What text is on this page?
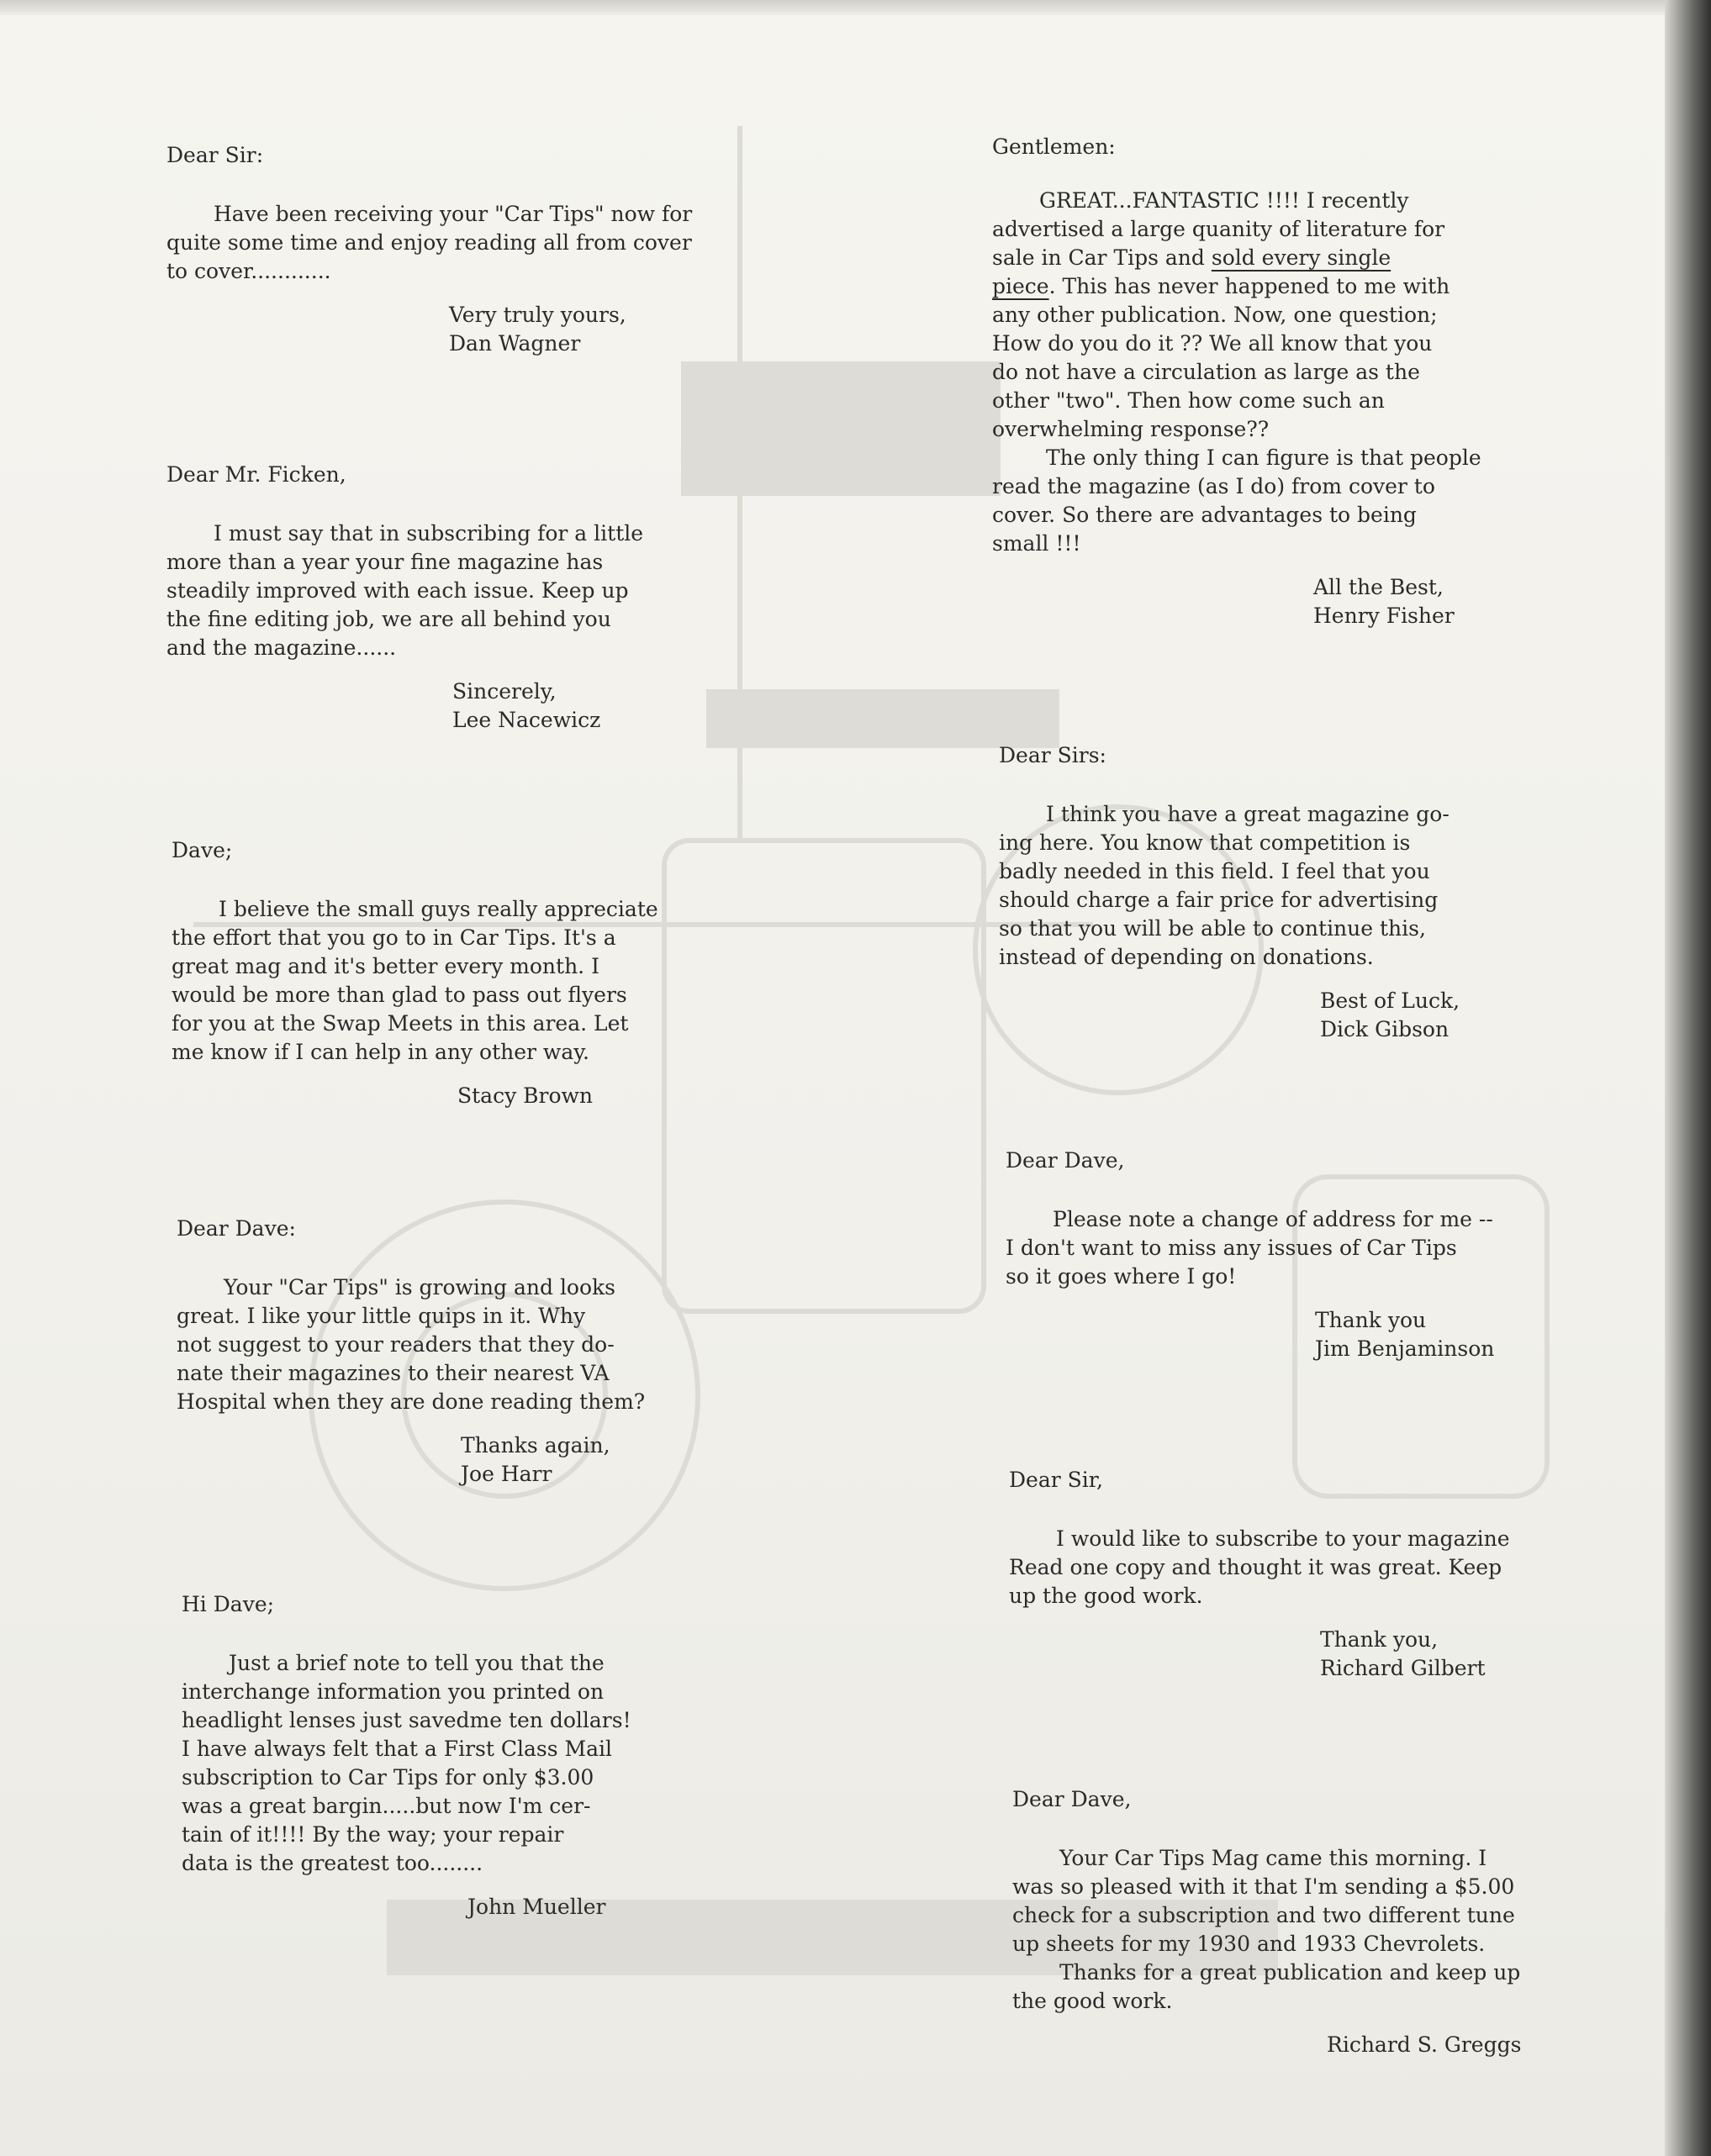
Dear Sir:

Have been receiving your "Car Tips" now for

quite some time and enjoy reading all from cover

to cover............

Very truly yours,

Dan Wagner

Dear Mr. Ficken,

I must say that in subscribing for a little

more than a year your fine magazine has

steadily improved with each issue. Keep up

the fine editing job, we are all behind you

and the magazine......

Sincerely,

Lee Nacewicz

Dave;

I believe the small guys really appreciate

the effort that you go to in Car Tips. It's a

great mag and it's better every month. I

would be more than glad to pass out flyers

for you at the Swap Meets in this area. Let

me know if I can help in any other way.

Stacy Brown

Dear Dave:

Your "Car Tips" is growing and looks

great. I like your little quips in it. Why

not suggest to your readers that they do-

nate their magazines to their nearest VA

Hospital when they are done reading them?

Thanks again,

Joe Harr

Hi Dave;

Just a brief note to tell you that the

interchange information you printed on

headlight lenses just savedme ten dollars!

I have always felt that a First Class Mail

subscription to Car Tips for only $3.00

was a great bargin.....but now I'm cer-

tain of it!!!! By the way; your repair

data is the greatest too........

John Mueller

Gentlemen:

GREAT...FANTASTIC !!!! I recently

advertised a large quanity of literature for

sale in Car Tips and sold every single

piece. This has never happened to me with

any other publication. Now, one question;

How do you do it ?? We all know that you

do not have a circulation as large as the

other "two". Then how come such an

overwhelming response??

The only thing I can figure is that people

read the magazine (as I do) from cover to

cover. So there are advantages to being

small !!!

All the Best,

Henry Fisher

Dear Sirs:

I think you have a great magazine go-

ing here. You know that competition is

badly needed in this field. I feel that you

should charge a fair price for advertising

so that you will be able to continue this,

instead of depending on donations.

Best of Luck,

Dick Gibson

Dear Dave,

Please note a change of address for me --

I don't want to miss any issues of Car Tips

so it goes where I go!

Thank you

Jim Benjaminson

Dear Sir,

I would like to subscribe to your magazine

Read one copy and thought it was great. Keep

up the good work.

Thank you,

Richard Gilbert

Dear Dave,

Your Car Tips Mag came this morning. I

was so pleased with it that I'm sending a $5.00

check for a subscription and two different tune

up sheets for my 1930 and 1933 Chevrolets.

Thanks for a great publication and keep up

the good work.

Richard S. Greggs
